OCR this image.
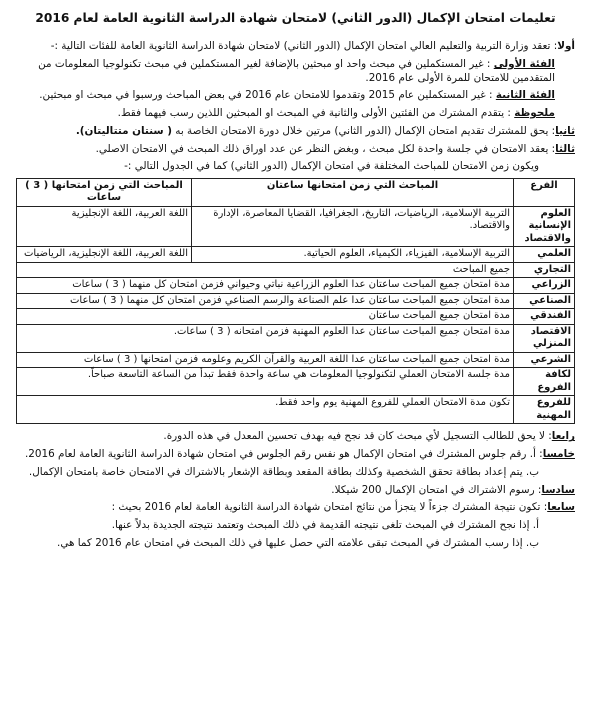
تعليمات امتحان الإكمال (الدور الثاني) لامتحان شهادة الدراسة الثانوية العامة لعام 2016

أولا: تعقد وزارة التربية والتعليم العالي امتحان الإكمال (الدور الثاني) لامتحان شهادة الدراسة الثانوية العامة للفئات التالية :-

الفئة الأولى : غير المستكملين في مبحث واحد او مبحثين بالإضافة لغير المستكملين في مبحث تكنولوجيا المعلومات من المتقدمين للامتحان للمرة الأولى عام 2016.

الفئة الثانية : غير المستكملين عام 2015 وتقدموا للامتحان عام 2016 في بعض المباحث ورسبوا في مبحث او مبحثين.

ملحوظة : يتقدم المشترك من الفئتين الأولى والثانية في المبحث او المبحثين اللذين رسب فيهما فقط.

ثانيا: يحق للمشترك تقديم امتحان الإكمال (الدور الثاني) مرتين خلال دورة الامتحان الخاصة به ( سنتان متتاليتان).

ثالثا: يعقد الامتحان في جلسة واحدة لكل مبحث ، وبغض النظر عن عدد اوراق ذلك المبحث في الامتحان الاصلي.

ويكون زمن الامتحان للمباحث المختلفة في امتحان الإكمال (الدور الثاني) كما في الجدول التالي :-

الفرع	المباحث التي زمن امتحانها ساعتان	المباحث التي زمن امتحانها ( 3 ) ساعات
العلوم الإنسانية والاقتصاد	التربية الإسلامية، الرياضيات، التاريخ، الجغرافيا، القضايا المعاصرة، الإدارة والاقتصاد.	اللغة العربية، اللغة الإنجليزية
العلمي	التربية الإسلامية، الفيزياء، الكيمياء، العلوم الحياتية.	اللغة العربية، اللغة الإنجليزية، الرياضيات
التجاري	جميع المباحث	
الزراعي	مدة امتحان جميع المباحث ساعتان عدا العلوم الزراعية نباتي وحيواني فزمن امتحان كل منهما ( 3 ) ساعات	
الصناعي	مدة امتحان جميع المباحث ساعتان عدا علم الصناعة والرسم الصناعي فزمن امتحان كل منهما ( 3 ) ساعات	
الفندقي	مدة امتحان جميع المباحث ساعتان	
الاقتصاد المنزلي	مدة امتحان جميع المباحث ساعتان عدا العلوم المهنية فزمن امتحانه ( 3 ) ساعات.	
الشرعي	مدة امتحان جميع المباحث ساعتان عدا اللغة العربية والقرآن الكريم وعلومه فزمن امتحانها ( 3 ) ساعات	
لكافة الفروع	مدة جلسة الامتحان العملي لتكنولوجيا المعلومات هي ساعة واحدة فقط تبدأ من الساعة التاسعة صباحاً.	
للفروع المهنية	تكون مدة الامتحان العملي للفروع المهنية يوم واحد فقط.	

رابعا: لا يحق للطالب التسجيل لأي مبحث كان قد نجح فيه بهدف تحسين المعدل في هذه الدورة.

خامسا: أ. رقم جلوس المشترك في امتحان الإكمال هو نفس رقم الجلوس في امتحان شهادة الدراسة الثانوية العامة لعام 2016.

ب. يتم إعداد بطاقة تحقق الشخصية وكذلك بطاقة المقعد وبطاقة الإشعار بالاشتراك في الامتحان خاصة بامتحان الإكمال.

سادسا: رسوم الاشتراك في امتحان الإكمال 200 شيكلا.

سابعا: تكون نتيجة المشترك جزءاً لا يتجزأ من نتائج امتحان شهادة الدراسة الثانوية العامة لعام 2016 بحيث :

أ. إذا نجح المشترك في المبحث تلغى نتيجته القديمة في ذلك المبحث وتعتمد نتيجته الجديدة بدلاً عنها.

ب. إذا رسب المشترك في المبحث تبقى علامته التي حصل عليها في ذلك المبحث في امتحان عام 2016 كما هي.
